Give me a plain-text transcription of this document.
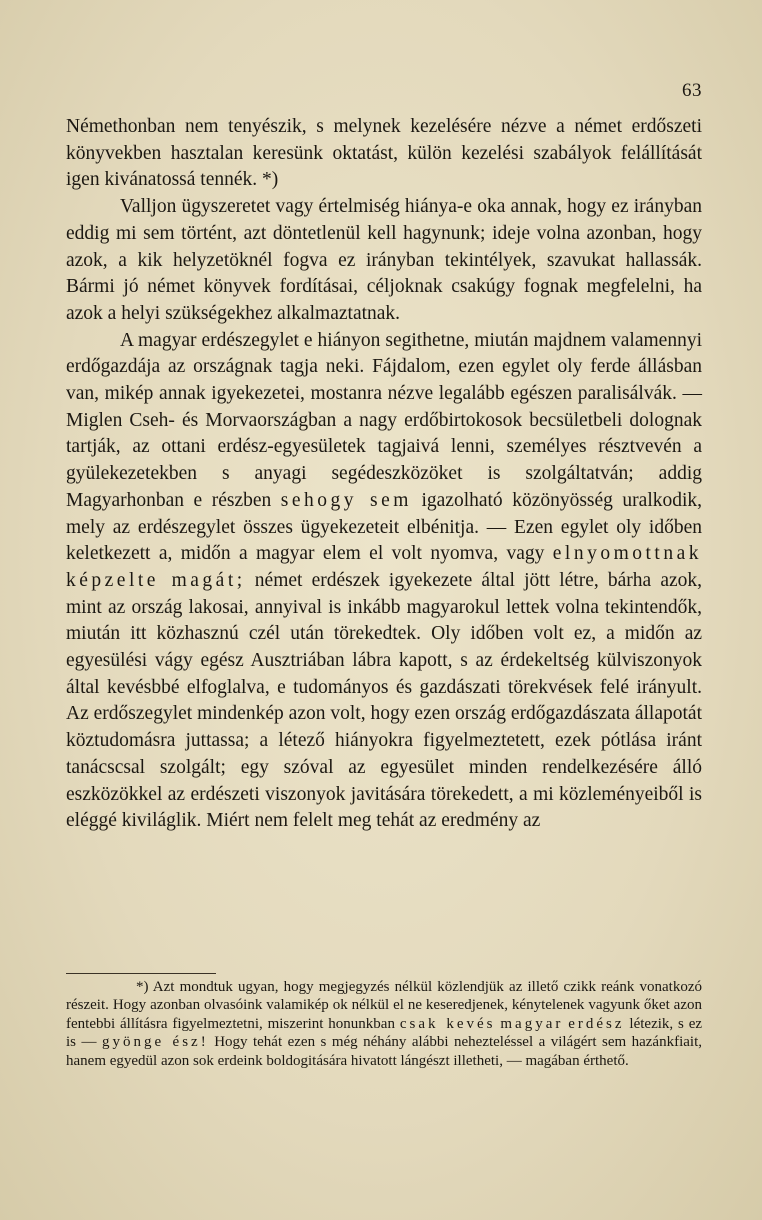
63

Némethonban nem tenyészik, s melynek kezelésére nézve a német erdőszeti könyvekben hasztalan keresünk oktatást, külön kezelési szabályok felállítását igen kivánatossá tennék. *)

Valljon ügyszeretet vagy értelmiség hiánya-e oka annak, hogy ez irányban eddig mi sem történt, azt döntetlenül kell hagynunk; ideje volna azonban, hogy azok, a kik helyzetöknél fogva ez irányban tekintélyek, szavukat hallassák. Bármi jó német könyvek fordításai, céljoknak csakúgy fognak megfelelni, ha azok a helyi szükségekhez alkalmaztatnak.

A magyar erdészegylet e hiányon segithetne, miután majdnem valamennyi erdőgazdája az országnak tagja neki. Fájdalom, ezen egylet oly ferde állásban van, mikép annak igyekezetei, mostanra nézve legalább egészen paralisálvák. — Miglen Cseh- és Morvaországban a nagy erdőbirtokosok becsületbeli dolognak tartják, az ottani erdész-egyesületek tagjaivá lenni, személyes résztvevén a gyülekezetekben s anyagi segédeszközöket is szolgáltatván; addig Magyarhonban e részben sehogy sem igazolható közönyösség uralkodik, mely az erdészegylet összes ügyekezeteit elbénitja. — Ezen egylet oly időben keletkezett a, midőn a magyar elem el volt nyomva, vagy elnyomottnak képzelte magát; német erdészek igyekezete által jött létre, bárha azok, mint az ország lakosai, annyival is inkább magyarokul lettek volna tekintendők, miután itt közhasznú czél után törekedtek. Oly időben volt ez, a midőn az egyesülési vágy egész Ausztriában lábra kapott, s az érdekeltség külviszonyok által kevésbbé elfoglalva, e tudományos és gazdászati törekvések felé irányult. Az erdőszegylet mindenkép azon volt, hogy ezen ország erdőgazdászata állapotát köztudomásra juttassa; a létező hiányokra figyelmeztetett, ezek pótlása iránt tanácscsal szolgált; egy szóval az egyesület minden rendelkezésére álló eszközökkel az erdészeti viszonyok javitására törekedett, a mi közleményeiből is eléggé kiviláglik. Miért nem felelt meg tehát az eredmény az

*) Azt mondtuk ugyan, hogy megjegyzés nélkül közlendjük az illető czikk reánk vonatkozó részeit. Hogy azonban olvasóink valamikép ok nélkül el ne keseredjenek, kénytelenek vagyunk őket azon fentebbi állításra figyelmeztetni, miszerint honunkban csak kevés magyar erdész létezik, s ez is — gyönge ész! Hogy tehát ezen s még néhány alábbi nehezteléssel a világért sem hazánkfiait, hanem egyedül azon sok erdeink boldogitására hivatott lángészt illetheti, — magában érthető.
